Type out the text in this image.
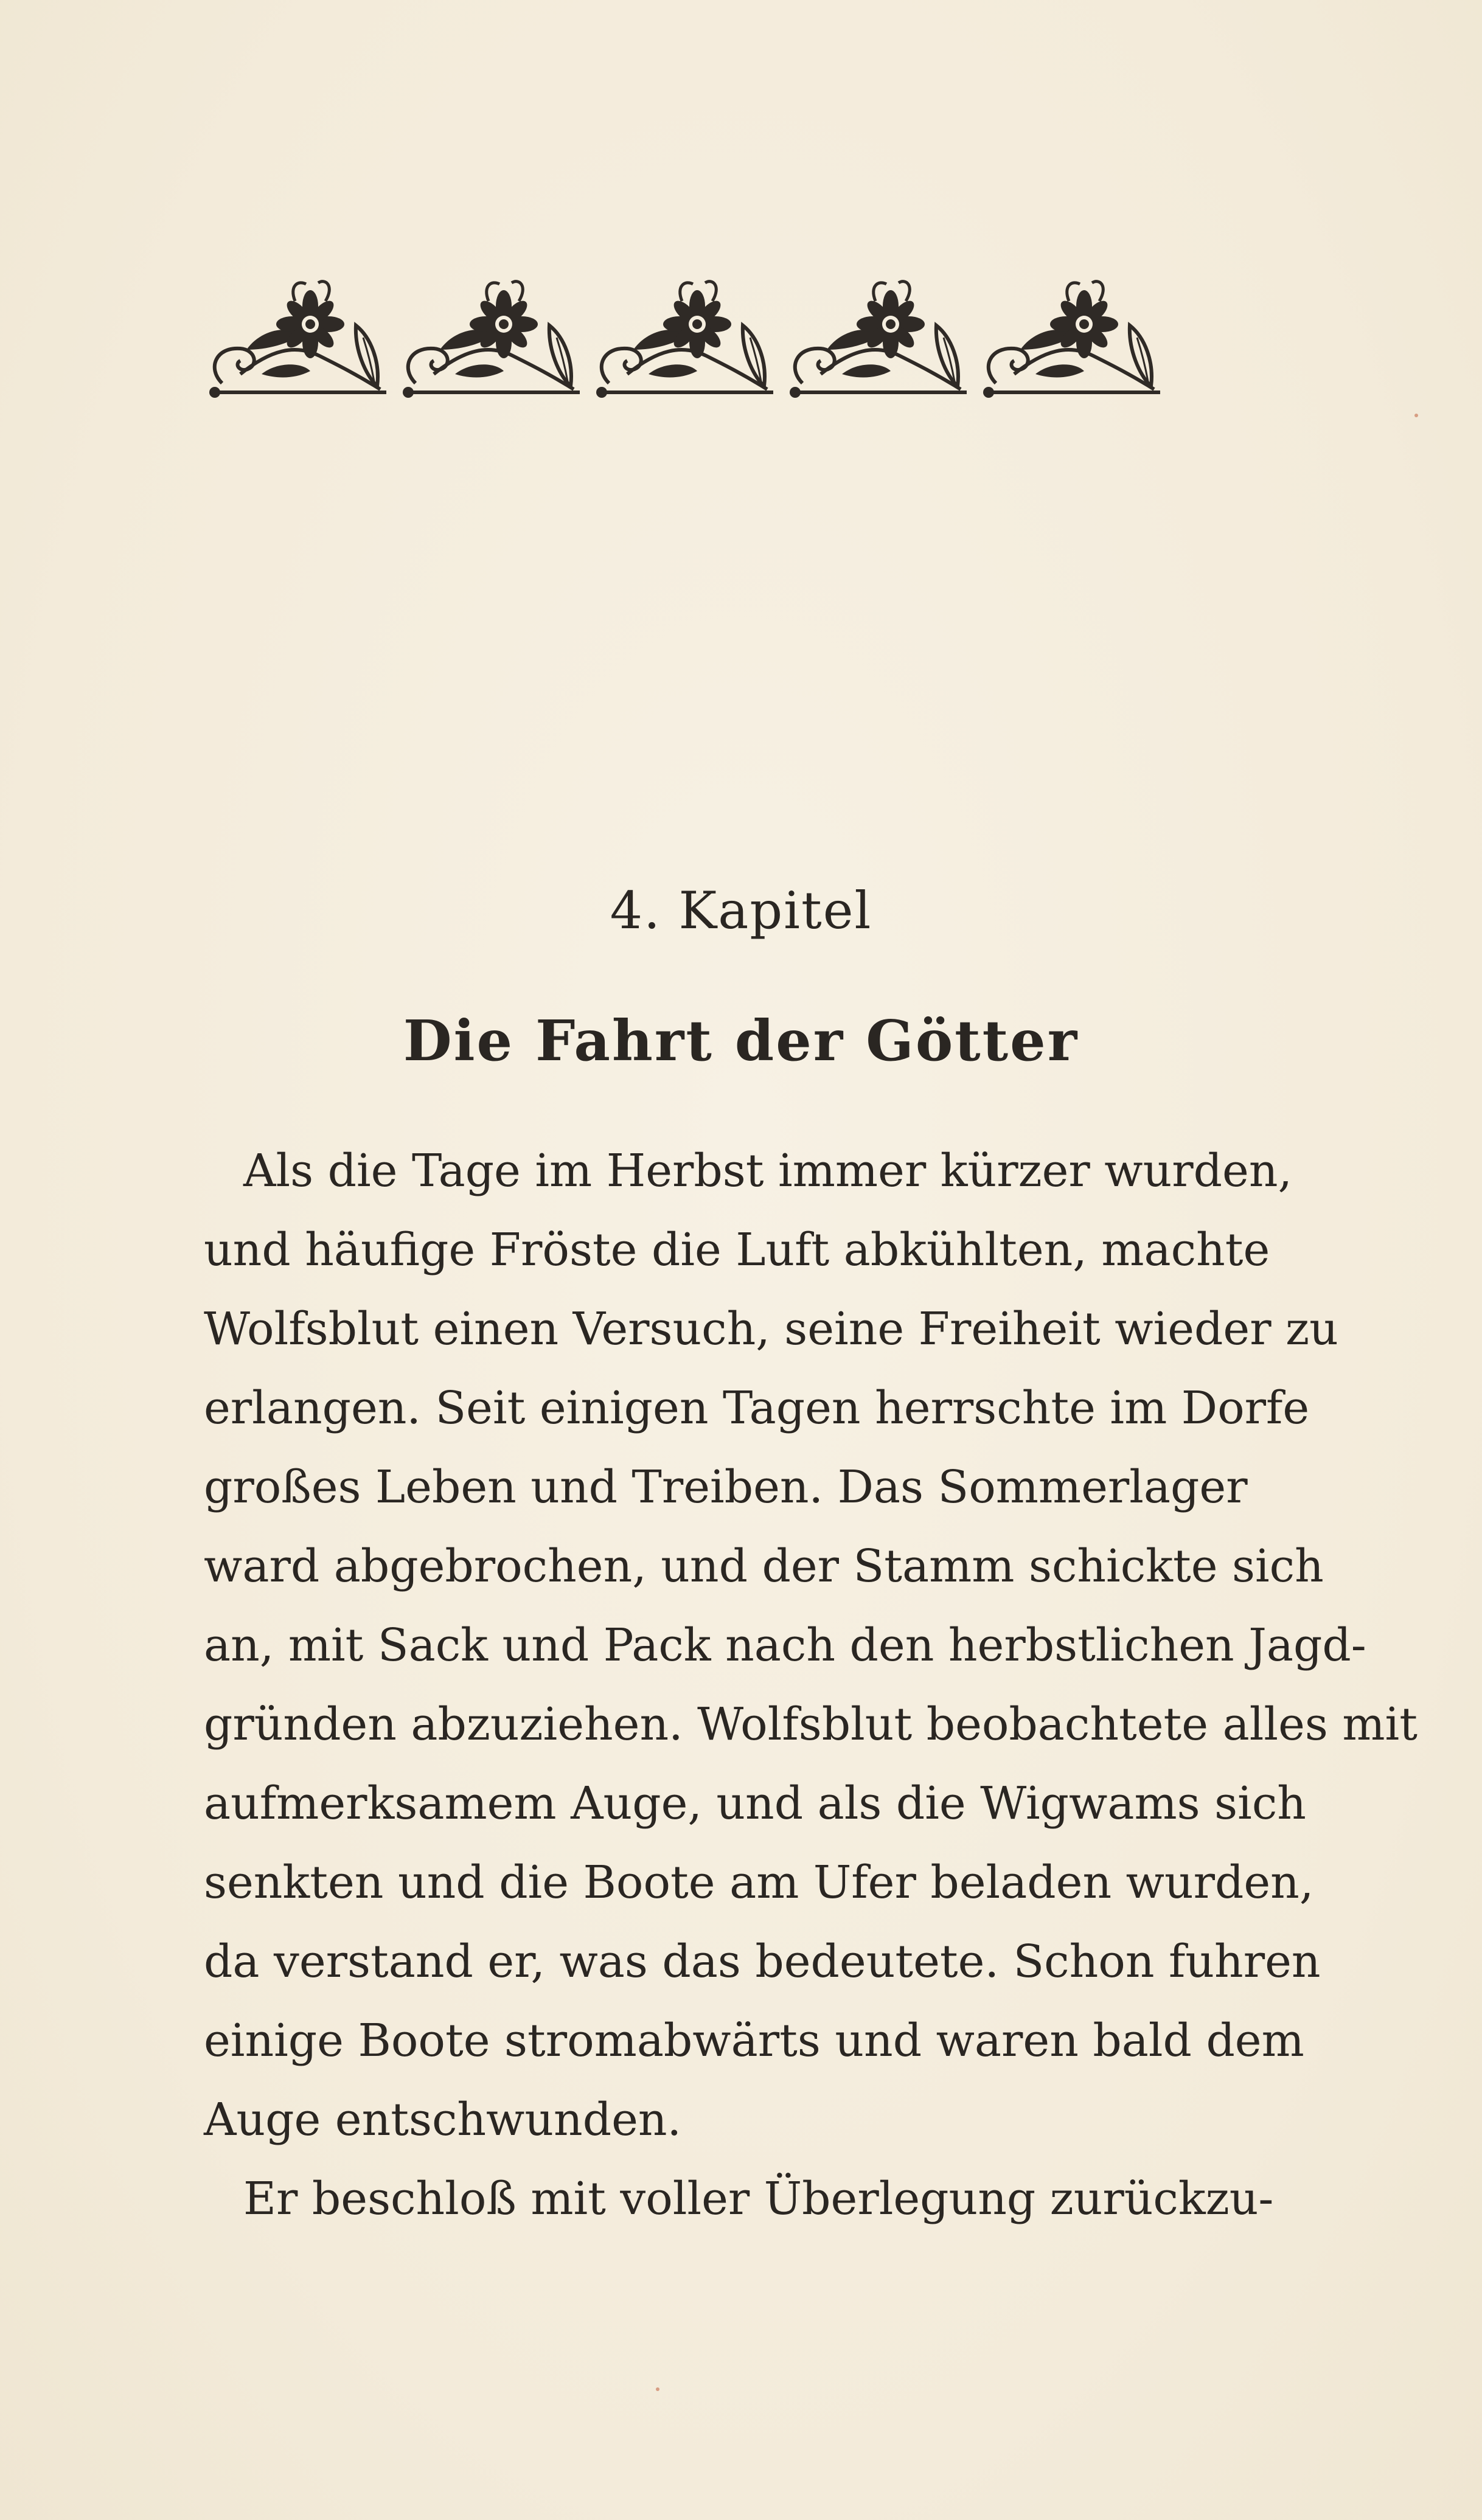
4. Kapitel
Die Fahrt der Götter
Als die Tage im Herbst immer kürzer wurden,
und häufige Fröste die Luft abkühlten, machte
Wolfsblut einen Versuch, seine Freiheit wieder zu
erlangen. Seit einigen Tagen herrschte im Dorfe
großes Leben und Treiben. Das Sommerlager
ward abgebrochen, und der Stamm schickte sich
an, mit Sack und Pack nach den herbstlichen Jagd-
gründen abzuziehen. Wolfsblut beobachtete alles mit
aufmerksamem Auge, und als die Wigwams sich
senkten und die Boote am Ufer beladen wurden,
da verstand er, was das bedeutete. Schon fuhren
einige Boote stromabwärts und waren bald dem
Auge entschwunden.
Er beschloß mit voller Überlegung zurückzu-
